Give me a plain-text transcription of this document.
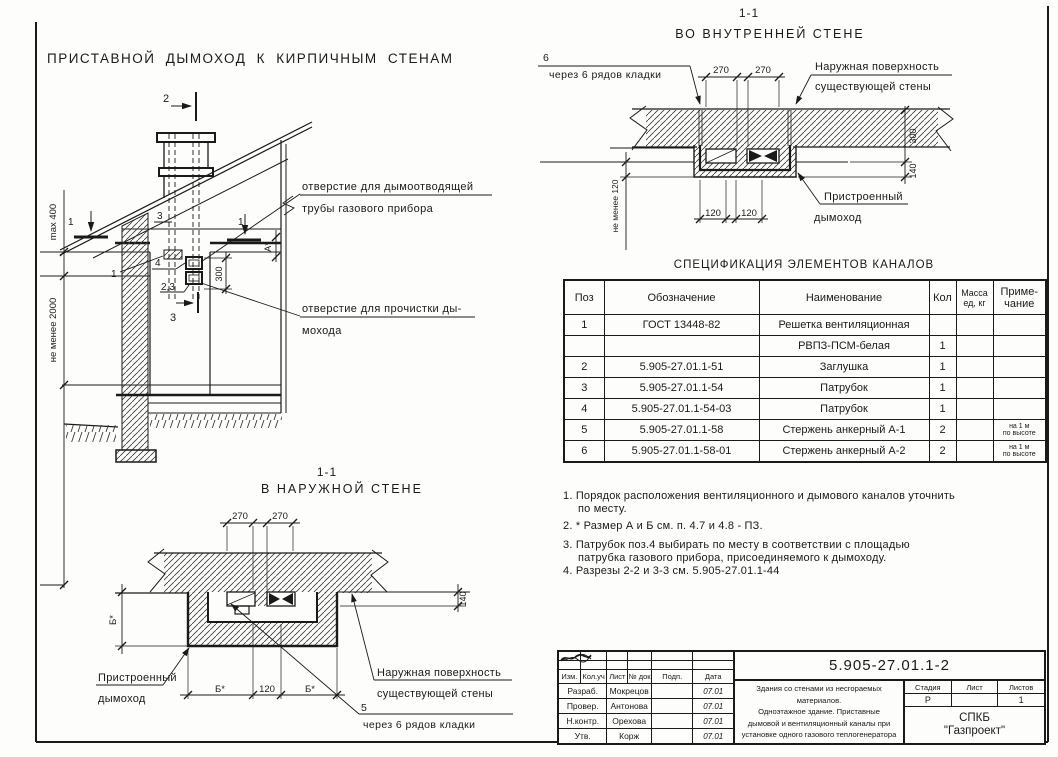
ПРИСТАВНОЙ ДЫМОХОД К КИРПИЧНЫМ СТЕНАМ
2
1	1
3
3
1
4
2,3
max 400
не менее 2000
300
А*
отверстие для дымоотводящей
трубы газового прибора
отверстие для прочистки ды-
мохода
1-1
ВО ВНУТРЕННЕЙ СТЕНЕ
6
через 6 рядов кладки
Наружная поверхность
существующей стены
Пристроенный
дымоход
270	270
120 120
300
140
не менее 120
1-1
В НАРУЖНОЙ СТЕНЕ
270	270
140
Б*
Б*	120	Б*
Пристроенный
дымоход
Наружная поверхность
существующей стены
5
через 6 рядов кладки
СПЕЦИФИКАЦИЯ ЭЛЕМЕНТОВ КАНАЛОВ
Поз	Обозначение	Наименование	Кол	Масса
ед, кг

Приме-
чание

1	ГОСТ 13448-82	Решетка вентиляционная			

		РВПЗ-ПСМ-белая	1		

2	5.905-27.01.1-51	Заглушка	1		

3	5.905-27.01.1-54	Патрубок	1		

4	5.905-27.01.1-54-03	Патрубок	1		

5	5.905-27.01.1-58	Стержень анкерный А-1	2		на 1 м
по высоте

6	5.905-27.01.1-58-01	Стержень анкерный А-2	2		на 1 м
по высоте
1. Порядок расположения вентиляционного и дымового каналов уточнить
по месту.
2. * Размер А и Б см. п. 4.7 и 4.8 - ПЗ.
3. Патрубок поз.4 выбирать по месту в соответствии с площадью
патрубка газового прибора, присоединяемого к дымоходу.
4. Разрезы 2-2 и 3-3 см. 5.905-27.01.1-44
Изм. Кол.уч Лист № док	Подп.	Дата
Разраб.	Мокрецов	07.01
Провер.	Антонова	07.01
Н.контр.	Орехова	07.01
Утв.	Корж	07.01
5.905-27.01.1-2
Здания со стенами из несгораемых
материалов.
Одноэтажное здание. Приставные
дымовой и вентиляционный каналы при
установке одного газового теплогенератора
Стадия	Лист	Листов
Р	1
СПКБ
"Газпроект"
